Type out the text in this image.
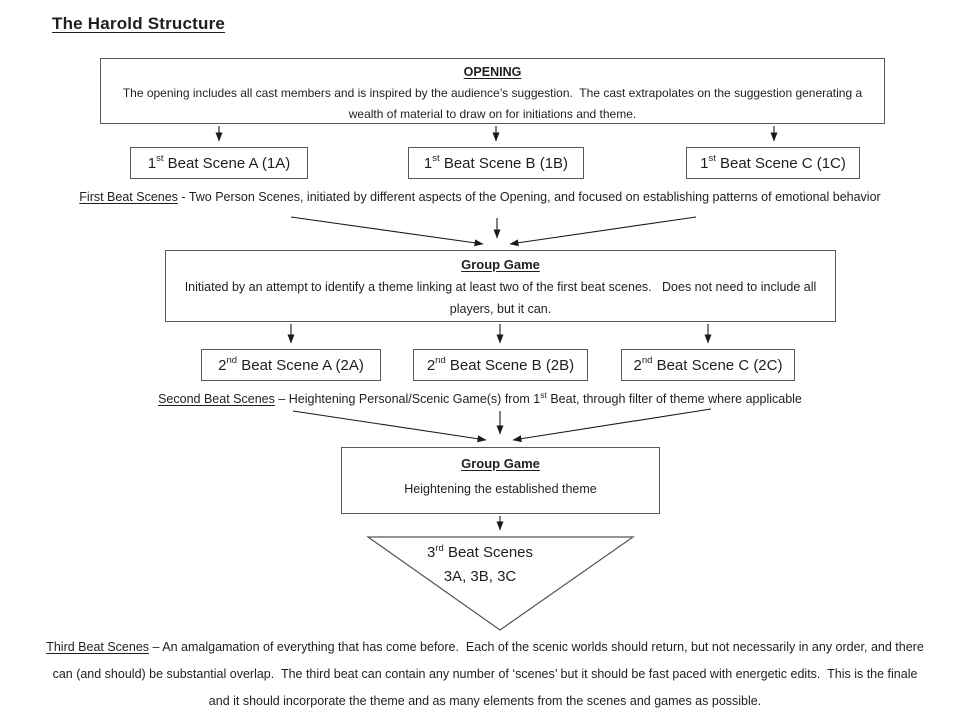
The Harold Structure
OPENING
The opening includes all cast members and is inspired by the audience’s suggestion.  The cast extrapolates on the suggestion generating a wealth of material to draw on for initiations and theme.
1st Beat Scene A (1A)	1st Beat Scene B (1B)	1st Beat Scene C (1C)
First Beat Scenes - Two Person Scenes, initiated by different aspects of the Opening, and focused on establishing patterns of emotional behavior
Group Game
Initiated by an attempt to identify a theme linking at least two of the first beat scenes.   Does not need to include all players, but it can.
2nd Beat Scene A (2A)	2nd Beat Scene B (2B)	2nd Beat Scene C (2C)
Second Beat Scenes – Heightening Personal/Scenic Game(s) from 1st Beat, through filter of theme where applicable
Group Game
Heightening the established theme
3rd Beat Scenes
3A, 3B, 3C
Third Beat Scenes – An amalgamation of everything that has come before.  Each of the scenic worlds should return, but not necessarily in any order, and there can (and should) be substantial overlap.  The third beat can contain any number of ‘scenes’ but it should be fast paced with energetic edits.  This is the finale and it should incorporate the theme and as many elements from the scenes and games as possible.
